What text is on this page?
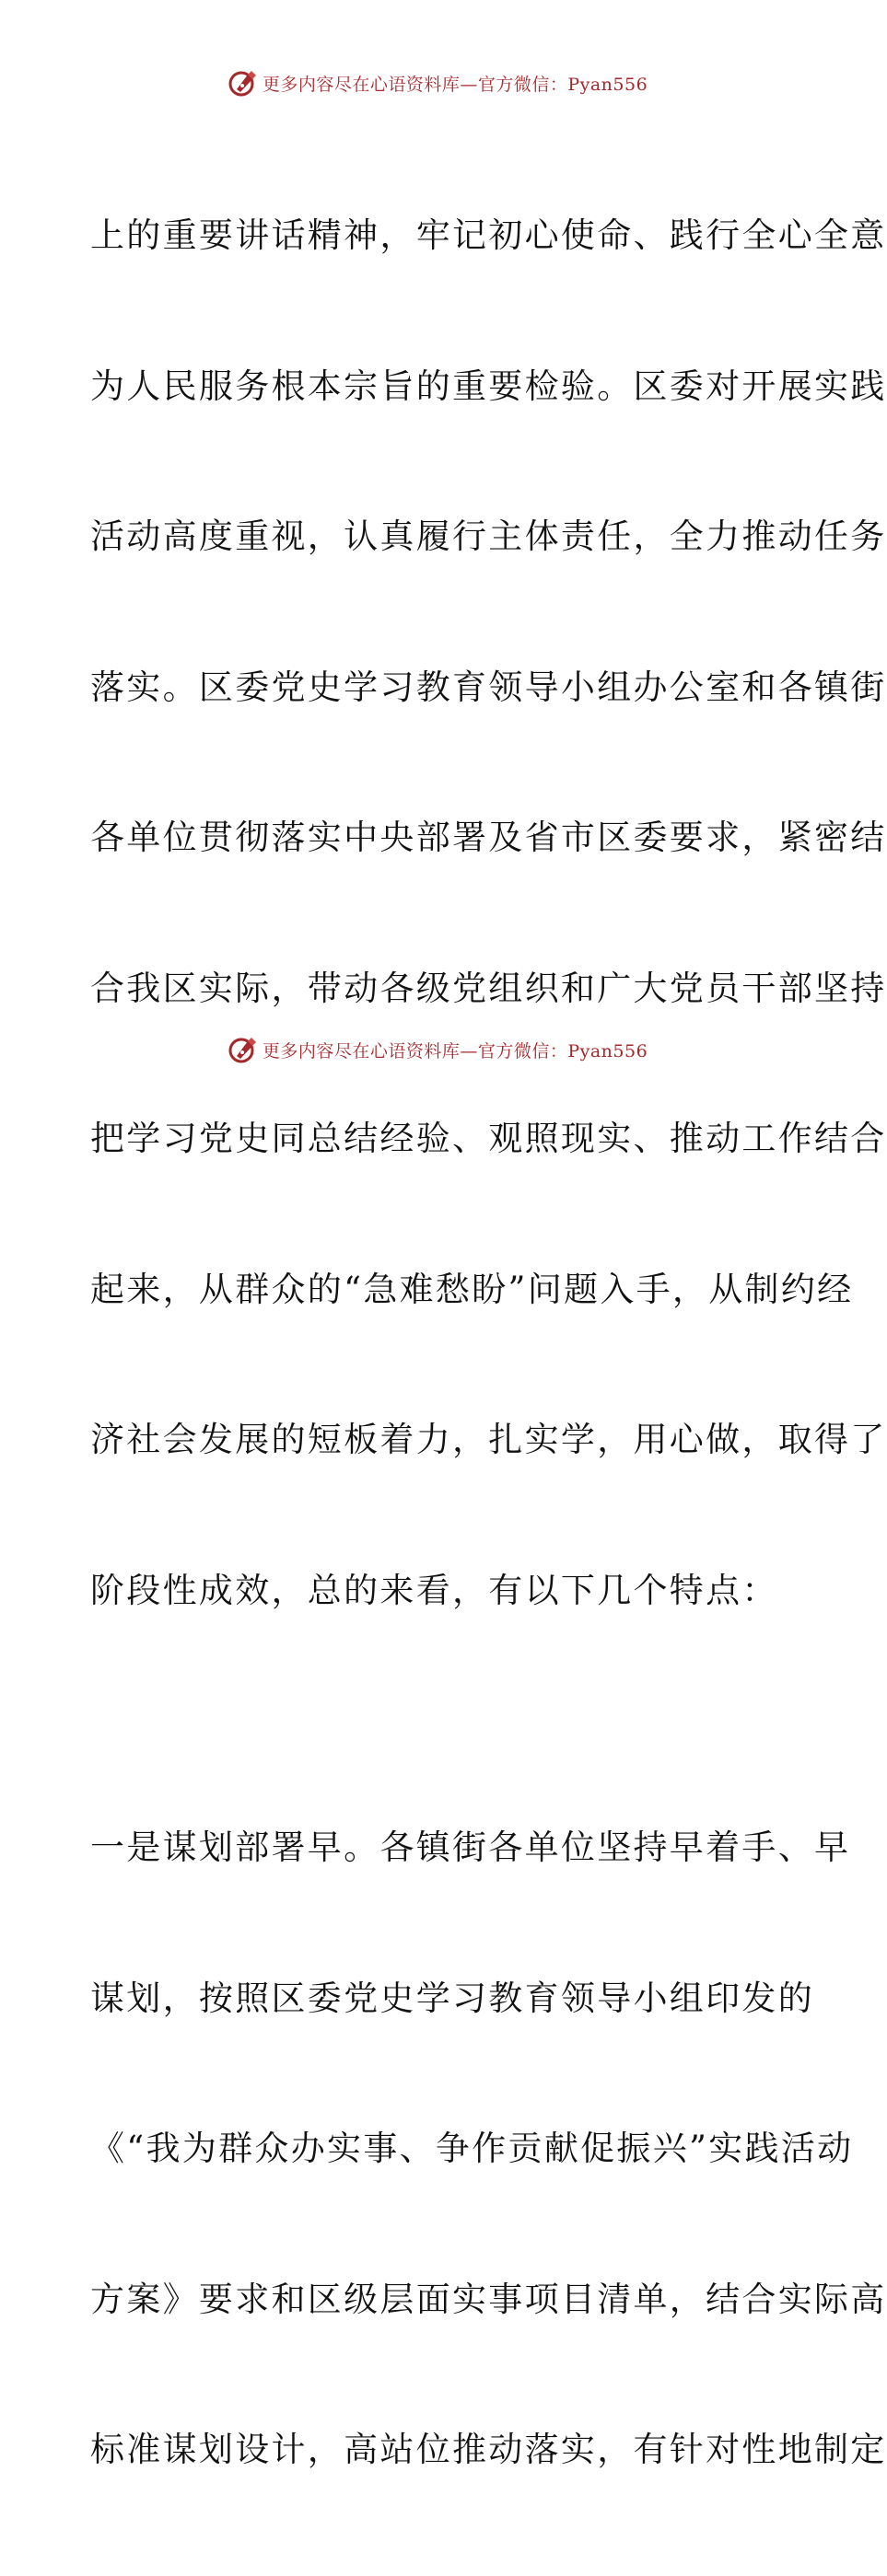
更多内容尽在心语资料库—官方微信：Pyan556

上的重要讲话精神，牢记初心使命、践行全心全意

为人民服务根本宗旨的重要检验。区委对开展实践

活动高度重视，认真履行主体责任，全力推动任务

落实。区委党史学习教育领导小组办公室和各镇街

各单位贯彻落实中央部署及省市区委要求，紧密结

合我区实际，带动各级党组织和广大党员干部坚持

把学习党史同总结经验、观照现实、推动工作结合

起来，从群众的“急难愁盼”问题入手，从制约经

济社会发展的短板着力，扎实学，用心做，取得了

阶段性成效，总的来看，有以下几个特点：

一是谋划部署早。各镇街各单位坚持早着手、早

谋划，按照区委党史学习教育领导小组印发的

《“我为群众办实事、争作贡献促振兴”实践活动

方案》要求和区级层面实事项目清单，结合实际高

标准谋划设计，高站位推动落实，有针对性地制定

更多内容尽在心语资料库—官方微信：Pyan556
